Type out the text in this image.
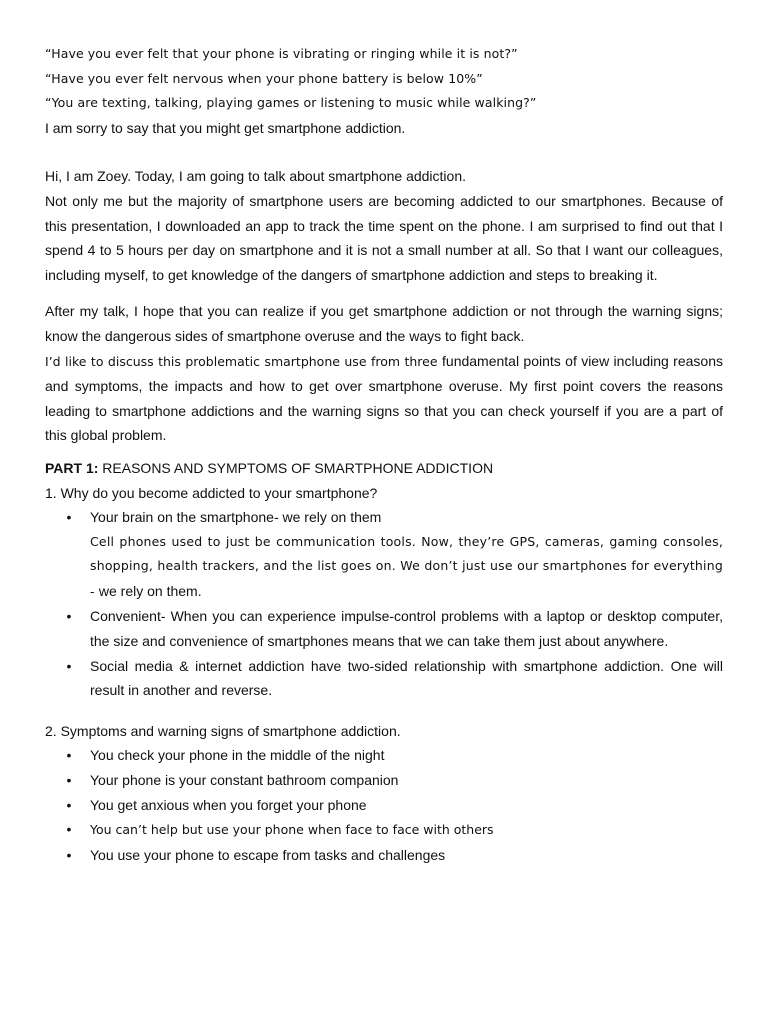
“Have you ever felt that your phone is vibrating or ringing while it is not?”

“Have you ever felt nervous when your phone battery is below 10%”

“You are texting, talking, playing games or listening to music while walking?”

I am sorry to say that you might get smartphone addiction.

Hi, I am Zoey. Today, I am going to talk about smartphone addiction.

Not only me but the majority of smartphone users are becoming addicted to our smartphones. Because of this presentation, I downloaded an app to track the time spent on the phone. I am surprised to find out that I spend 4 to 5 hours per day on smartphone and it is not a small number at all. So that I want our colleagues, including myself, to get knowledge of the dangers of smartphone addiction and steps to breaking it.

After my talk, I hope that you can realize if you get smartphone addiction or not through the warning signs; know the dangerous sides of smartphone overuse and the ways to fight back.

I’d like to discuss this problematic smartphone use from three fundamental points of view including reasons and symptoms, the impacts and how to get over smartphone overuse. My first point covers the reasons leading to smartphone addictions and the warning signs so that you can check yourself if you are a part of this global problem.

PART 1: REASONS AND SYMPTOMS OF SMARTPHONE ADDICTION

1. Why do you become addicted to your smartphone?

• Your brain on the smartphone- we rely on them
Cell phones used to just be communication tools. Now, they’re GPS, cameras, gaming consoles, shopping, health trackers, and the list goes on. We don’t just use our smartphones for everything - we rely on them.
• Convenient- When you can experience impulse-control problems with a laptop or desktop computer, the size and convenience of smartphones means that we can take them just about anywhere.
• Social media & internet addiction have two-sided relationship with smartphone addiction. One will result in another and reverse.

2. Symptoms and warning signs of smartphone addiction.

• You check your phone in the middle of the night
• Your phone is your constant bathroom companion
• You get anxious when you forget your phone
• You can’t help but use your phone when face to face with others
• You use your phone to escape from tasks and challenges
